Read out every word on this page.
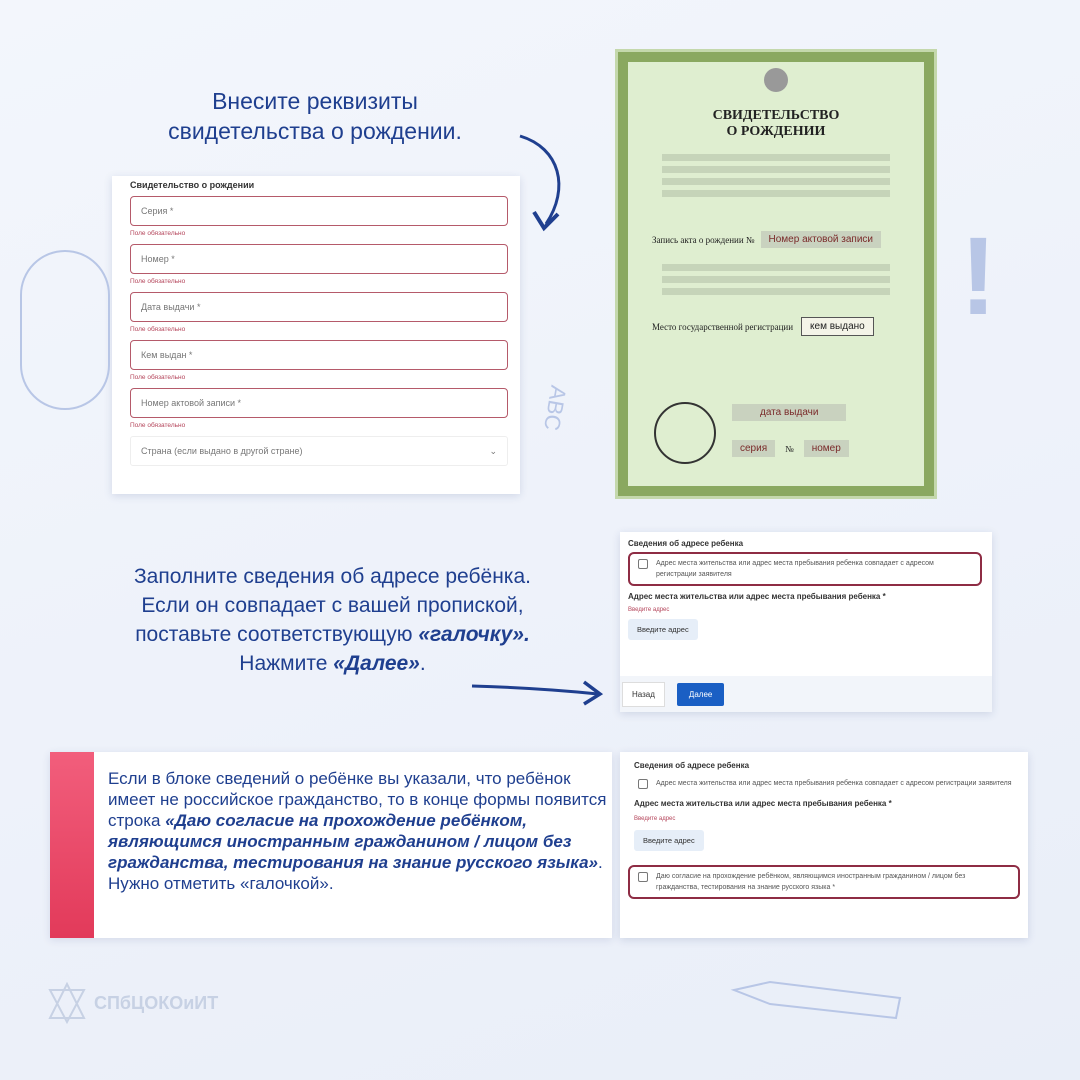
Внесите реквизиты
свидетельства о рождении.
Свидетельство о рождении
Серия *
Поле обязательно
Номер *
Поле обязательно
Дата выдачи *
Поле обязательно
Кем выдан *
Поле обязательно
Номер актовой записи *
Поле обязательно
Страна (если выдано в другой стране)	⌄
ABC
!
СВИДЕТЕЛЬСТВО
О РОЖДЕНИИ
Запись акта о рождении №	Номер актовой записи
Место государственной регистрации	кем выдано
дата выдачи
серия	№	номер
Заполните сведения об адресе ребёнка.
Если он совпадает с вашей пропиской,
поставьте соответствующую «галочку».
Нажмите «Далее».
Сведения об адресе ребенка
Адрес места жительства или адрес места пребывания ребенка совпадает с адресом регистрации заявителя
Адрес места жительства или адрес места пребывания ребенка *
Введите адрес
Введите адрес
Назад	Далее
Если в блоке сведений о ребёнке вы указали, что ребёнок имеет не российское гражданство, то в конце формы появится строка «Даю согласие на прохождение ребёнком, являющимся иностранным гражданином / лицом без гражданства, тестирования на знание русского языка». Нужно отметить «галочкой».
Сведения об адресе ребенка
Адрес места жительства или адрес места пребывания ребенка совпадает с адресом регистрации заявителя
Адрес места жительства или адрес места пребывания ребенка *
Введите адрес
Введите адрес
Даю согласие на прохождение ребёнком, являющимся иностранным гражданином / лицом без гражданства, тестирования на знание русского языка *
СПбЦОКОиИТ
